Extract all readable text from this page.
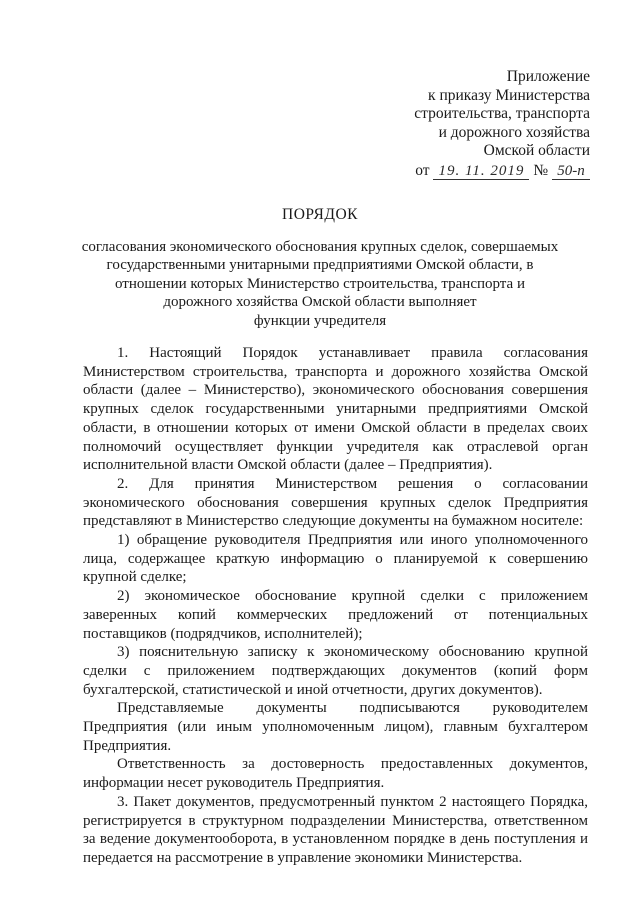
Приложение
к приказу Министерства
строительства, транспорта
и дорожного хозяйства
Омской области
от 19. 11. 2019 № 50-п
ПОРЯДОК
согласования экономического обоснования крупных сделок, совершаемых
государственными унитарными предприятиями Омской области, в
отношении которых Министерство строительства, транспорта и
дорожного хозяйства Омской области выполняет
функции учредителя

1. Настоящий Порядок устанавливает правила согласования Министерством строительства, транспорта и дорожного хозяйства Омской области (далее – Министерство), экономического обоснования совершения крупных сделок государственными унитарными предприятиями Омской области, в отношении которых от имени Омской области в пределах своих полномочий осуществляет функции учредителя как отраслевой орган исполнительной власти Омской области (далее – Предприятия).

2. Для принятия Министерством решения о согласовании экономического обоснования совершения крупных сделок Предприятия представляют в Министерство следующие документы на бумажном носителе:

1) обращение руководителя Предприятия или иного уполномоченного лица, содержащее краткую информацию о планируемой к совершению крупной сделке;

2) экономическое обоснование крупной сделки с приложением заверенных копий коммерческих предложений от потенциальных поставщиков (подрядчиков, исполнителей);

3) пояснительную записку к экономическому обоснованию крупной сделки с приложением подтверждающих документов (копий форм бухгалтерской, статистической и иной отчетности, других документов).

Представляемые документы подписываются руководителем Предприятия (или иным уполномоченным лицом), главным бухгалтером Предприятия.

Ответственность за достоверность предоставленных документов, информации несет руководитель Предприятия.

3. Пакет документов, предусмотренный пунктом 2 настоящего Порядка, регистрируется в структурном подразделении Министерства, ответственном за ведение документооборота, в установленном порядке в день поступления и передается на рассмотрение в управление экономики Министерства.
